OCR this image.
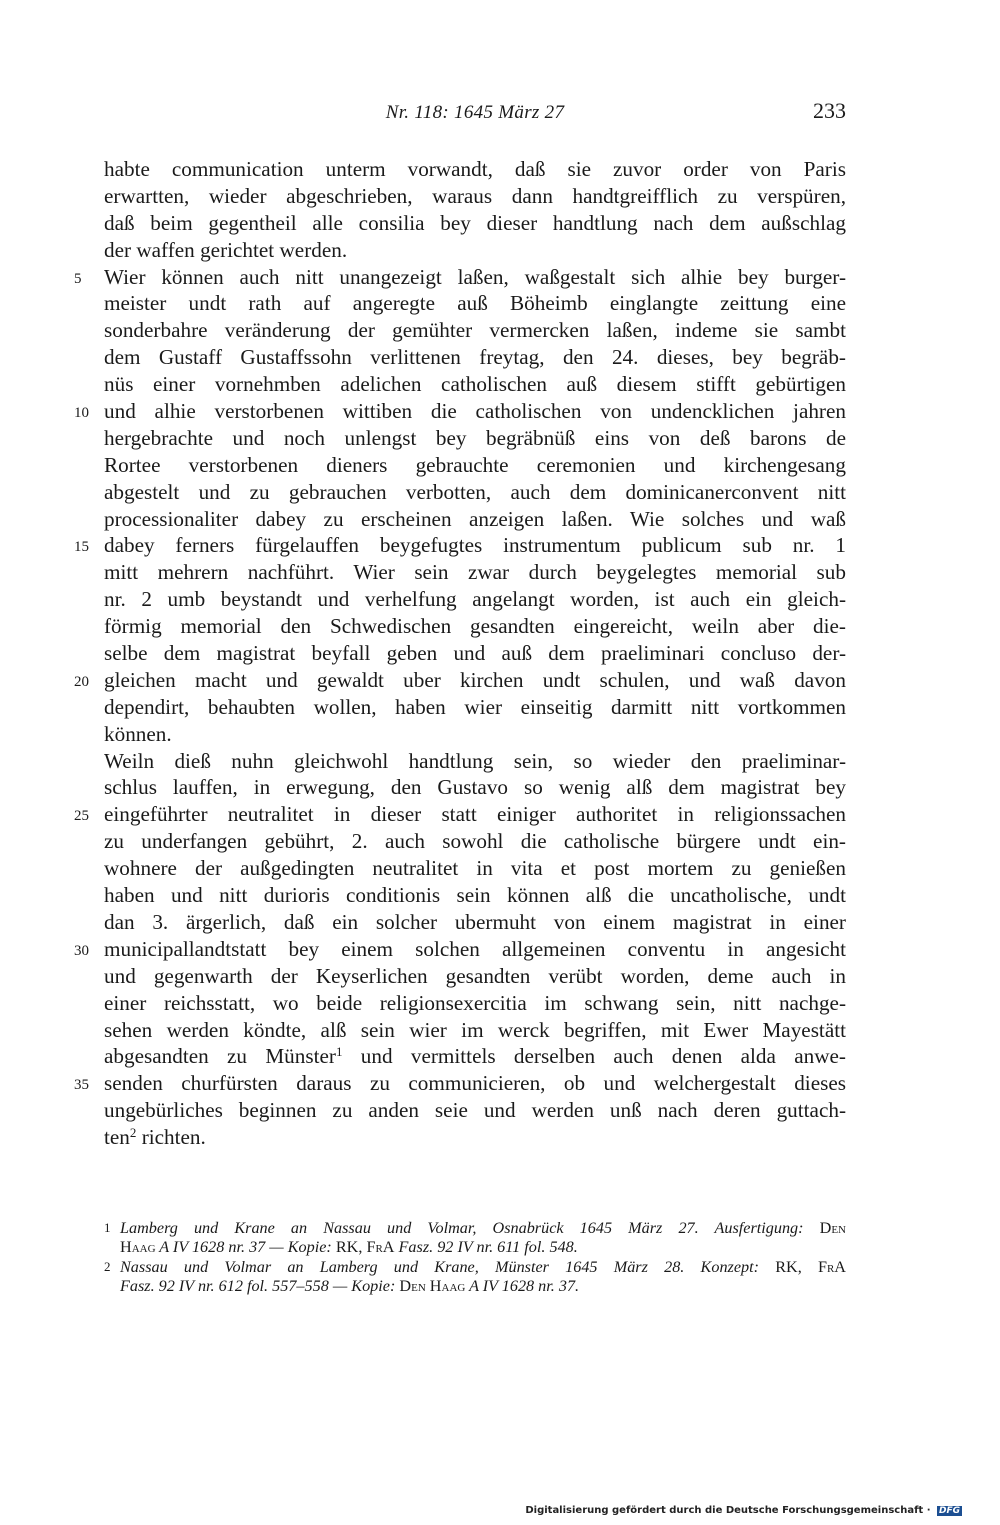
Nr. 118: 1645 März 27	233
habte communication unterm vorwandt, daß sie zuvor order von Paris
erwartten, wieder abgeschrieben, waraus dann handtgreifflich zu verspüren,
daß beim gegentheil alle consilia bey dieser handtlung nach dem außschlag
der waffen gerichtet werden.
5	Wier können auch nitt unangezeigt laßen, waßgestalt sich alhie bey burger-
meister undt rath auf angeregte auß Böheimb einglangte zeittung eine
sonderbahre veränderung der gemühter vermercken laßen, indeme sie sambt
dem Gustaff Gustaffssohn verlittenen freytag, den 24. dieses, bey begräb-
nüs einer vornehmben adelichen catholischen auß diesem stifft gebürtigen
10 und alhie verstorbenen wittiben die catholischen von undencklichen jahren
hergebrachte und noch unlengst bey begräbnüß eins von deß barons de
Rortee verstorbenen dieners gebrauchte ceremonien und kirchengesang
abgestelt und zu gebrauchen verbotten, auch dem dominicanerconvent nitt
processionaliter dabey zu erscheinen anzeigen laßen. Wie solches und waß
15 dabey ferners fürgelauffen beygefugtes instrumentum publicum sub nr. 1
mitt mehrern nachführt. Wier sein zwar durch beygelegtes memorial sub
nr. 2 umb beystandt und verhelfung angelangt worden, ist auch ein gleich-
förmig memorial den Schwedischen gesandten eingereicht, weiln aber die-
selbe dem magistrat beyfall geben und auß dem praeliminari concluso der-
20 gleichen macht und gewaldt uber kirchen undt schulen, und waß davon
dependirt, behaubten wollen, haben wier einseitig darmitt nitt vortkommen
können.
Weiln dieß nuhn gleichwohl handtlung sein, so wieder den praeliminar-
schlus lauffen, in erwegung, den Gustavo so wenig alß dem magistrat bey
25 eingeführter neutralitet in dieser statt einiger authoritet in religionssachen
zu underfangen gebührt, 2. auch sowohl die catholische bürgere undt ein-
wohnere der außgedingten neutralitet in vita et post mortem zu genießen
haben und nitt durioris conditionis sein können alß die uncatholische, undt
dan 3. ärgerlich, daß ein solcher ubermuht von einem magistrat in einer
30 municipallandtstatt bey einem solchen allgemeinen conventu in angesicht
und gegenwarth der Keyserlichen gesandten verübt worden, deme auch in
einer reichsstatt, wo beide religionsexercitia im schwang sein, nitt nachge-
sehen werden köndte, alß sein wier im werck begriffen, mit Ewer Mayestätt
abgesandten zu Münster$^1$ und vermittels derselben auch denen alda anwe-
35 senden churfürsten daraus zu communicieren, ob und welchergestalt dieses
ungebürliches beginnen zu anden seie und werden unß nach deren guttach-
ten$^2$ richten.
1 Lamberg und Krane an Nassau und Volmar, Osnabrück 1645 März 27. Ausfertigung: Den
Haag A IV 1628 nr. 37 — Kopie: RK, FrA Fasz. 92 IV nr. 611 fol. 548.
2 Nassau und Volmar an Lamberg und Krane, Münster 1645 März 28. Konzept: RK, FrA
Fasz. 92 IV nr. 612 fol. 557–558 — Kopie: Den Haag A IV 1628 nr. 37.
Digitalisierung gefördert durch die Deutsche Forschungsgemeinschaft · DFG
